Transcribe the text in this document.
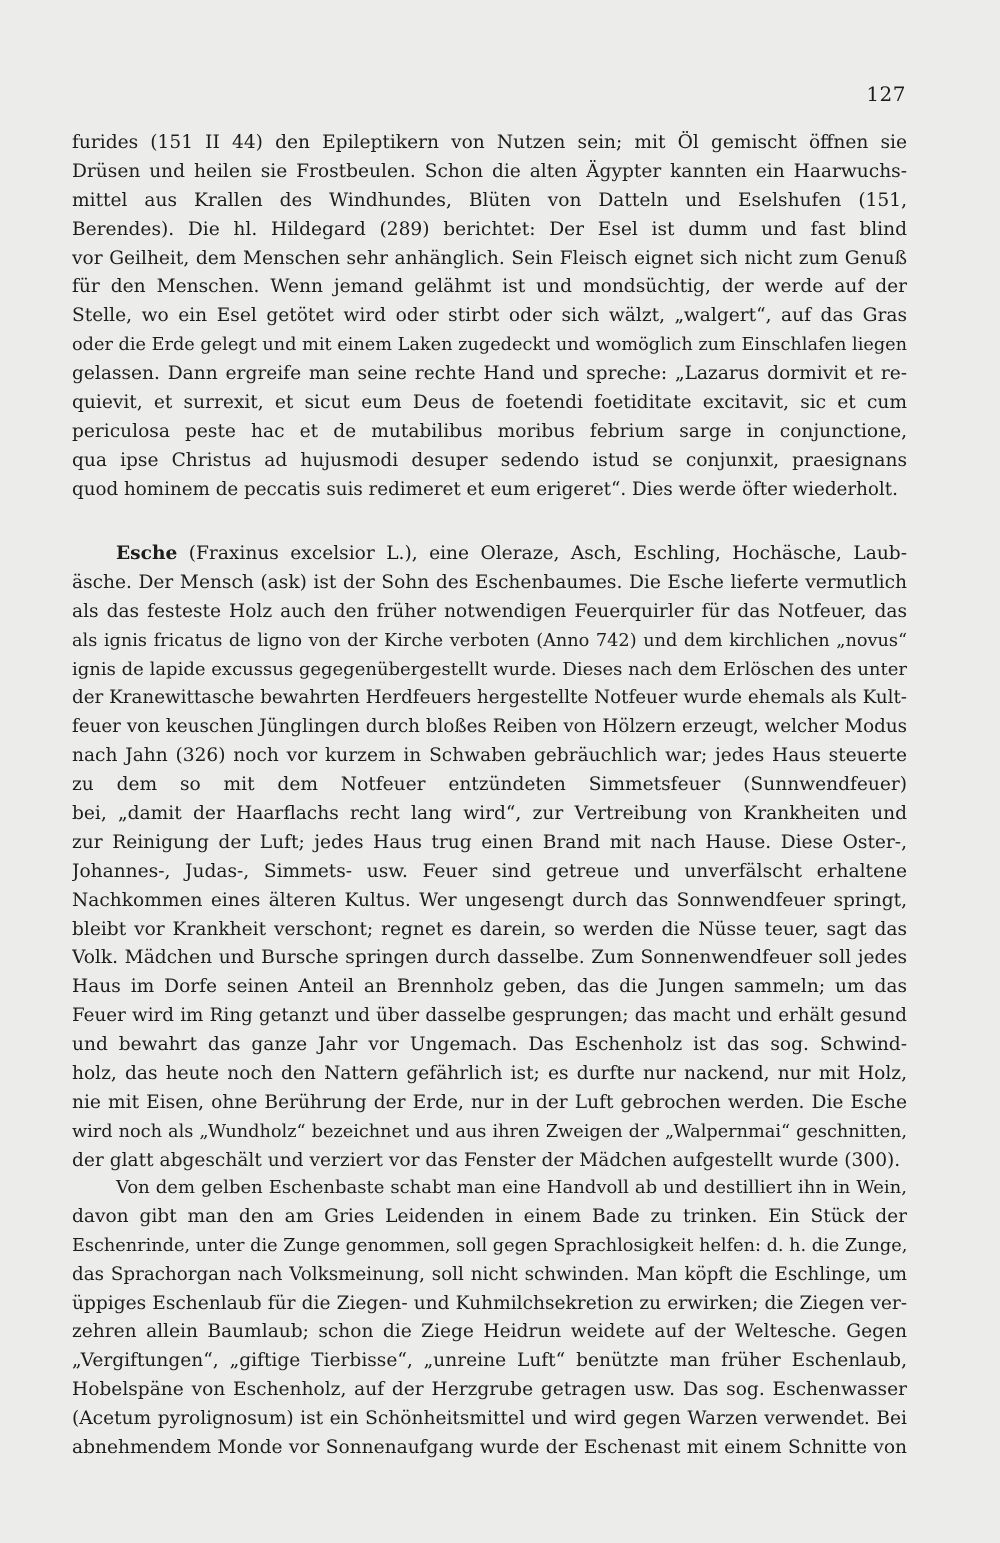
127
furides (151 II 44) den Epileptikern von Nutzen sein; mit Öl gemischt öffnen sie
Drüsen und heilen sie Frostbeulen. Schon die alten Ägypter kannten ein Haarwuchs-
mittel aus Krallen des Windhundes, Blüten von Datteln und Eselshufen (151,
Berendes). Die hl. Hildegard (289) berichtet: Der Esel ist dumm und fast blind
vor Geilheit, dem Menschen sehr anhänglich. Sein Fleisch eignet sich nicht zum Genuß
für den Menschen. Wenn jemand gelähmt ist und mondsüchtig, der werde auf der
Stelle, wo ein Esel getötet wird oder stirbt oder sich wälzt, „walgert“, auf das Gras
oder die Erde gelegt und mit einem Laken zugedeckt und womöglich zum Einschlafen liegen
gelassen. Dann ergreife man seine rechte Hand und spreche: „Lazarus dormivit et re-
quievit, et surrexit, et sicut eum Deus de foetendi foetiditate excitavit, sic et cum
periculosa peste hac et de mutabilibus moribus febrium sarge in conjunctione,
qua ipse Christus ad hujusmodi desuper sedendo istud se conjunxit, praesignans
quod hominem de peccatis suis redimeret et eum erigeret“. Dies werde öfter wiederholt.
Esche (Fraxinus excelsior L.), eine Oleraze, Asch, Eschling, Hochäsche, Laub-
äsche. Der Mensch (ask) ist der Sohn des Eschenbaumes. Die Esche lieferte vermutlich
als das festeste Holz auch den früher notwendigen Feuerquirler für das Notfeuer, das
als ignis fricatus de ligno von der Kirche verboten (Anno 742) und dem kirchlichen „novus“
ignis de lapide excussus gegegenübergestellt wurde. Dieses nach dem Erlöschen des unter
der Kranewittasche bewahrten Herdfeuers hergestellte Notfeuer wurde ehemals als Kult-
feuer von keuschen Jünglingen durch bloßes Reiben von Hölzern erzeugt, welcher Modus
nach Jahn (326) noch vor kurzem in Schwaben gebräuchlich war; jedes Haus steuerte
zu dem so mit dem Notfeuer entzündeten Simmetsfeuer (Sunnwendfeuer)
bei, „damit der Haarflachs recht lang wird“, zur Vertreibung von Krankheiten und
zur Reinigung der Luft; jedes Haus trug einen Brand mit nach Hause. Diese Oster-,
Johannes-, Judas-, Simmets- usw. Feuer sind getreue und unverfälscht erhaltene
Nachkommen eines älteren Kultus. Wer ungesengt durch das Sonnwendfeuer springt,
bleibt vor Krankheit verschont; regnet es darein, so werden die Nüsse teuer, sagt das
Volk. Mädchen und Bursche springen durch dasselbe. Zum Sonnenwendfeuer soll jedes
Haus im Dorfe seinen Anteil an Brennholz geben, das die Jungen sammeln; um das
Feuer wird im Ring getanzt und über dasselbe gesprungen; das macht und erhält gesund
und bewahrt das ganze Jahr vor Ungemach. Das Eschenholz ist das sog. Schwind-
holz, das heute noch den Nattern gefährlich ist; es durfte nur nackend, nur mit Holz,
nie mit Eisen, ohne Berührung der Erde, nur in der Luft gebrochen werden. Die Esche
wird noch als „Wundholz“ bezeichnet und aus ihren Zweigen der „Walpernmai“ geschnitten,
der glatt abgeschält und verziert vor das Fenster der Mädchen aufgestellt wurde (300).
Von dem gelben Eschenbaste schabt man eine Handvoll ab und destilliert ihn in Wein,
davon gibt man den am Gries Leidenden in einem Bade zu trinken. Ein Stück der
Eschenrinde, unter die Zunge genommen, soll gegen Sprachlosigkeit helfen: d. h. die Zunge,
das Sprachorgan nach Volksmeinung, soll nicht schwinden. Man köpft die Eschlinge, um
üppiges Eschenlaub für die Ziegen- und Kuhmilchsekretion zu erwirken; die Ziegen ver-
zehren allein Baumlaub; schon die Ziege Heidrun weidete auf der Weltesche. Gegen
„Vergiftungen“, „giftige Tierbisse“, „unreine Luft“ benützte man früher Eschenlaub,
Hobelspäne von Eschenholz, auf der Herzgrube getragen usw. Das sog. Eschenwasser
(Acetum pyrolignosum) ist ein Schönheitsmittel und wird gegen Warzen verwendet. Bei
abnehmendem Monde vor Sonnenaufgang wurde der Eschenast mit einem Schnitte von
